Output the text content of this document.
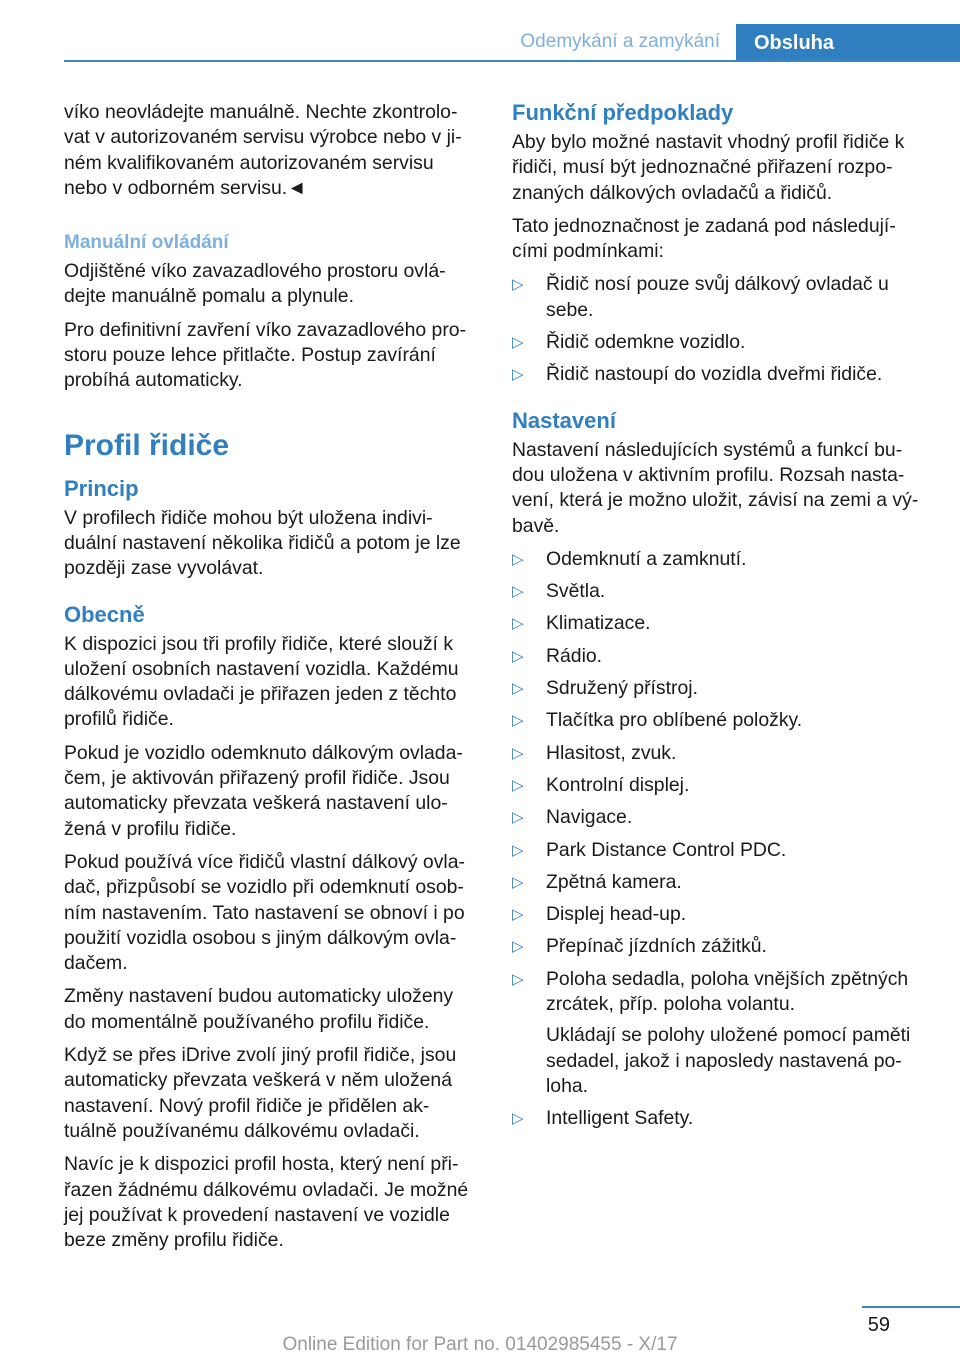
Odemykání a zamykání	Obsluha

víko neovládejte manuálně. Nechte zkontrolo-vat v autorizovaném servisu výrobce nebo v ji-ném kvalifikovaném autorizovaném servisu nebo v odborném servisu.◄

Manuální ovládání

Odjištěné víko zavazadlového prostoru ovlá-dejte manuálně pomalu a plynule.

Pro definitivní zavření víko zavazadlového pro-storu pouze lehce přitlačte. Postup zavírání probíhá automaticky.

Profil řidiče
Princip

V profilech řidiče mohou být uložena indivi-duální nastavení několika řidičů a potom je lze později zase vyvolávat.

Obecně

K dispozici jsou tři profily řidiče, které slouží k uložení osobních nastavení vozidla. Každému dálkovému ovladači je přiřazen jeden z těchto profilů řidiče.

Pokud je vozidlo odemknuto dálkovým ovlada-čem, je aktivován přiřazený profil řidiče. Jsou automaticky převzata veškerá nastavení ulo-žená v profilu řidiče.

Pokud používá více řidičů vlastní dálkový ovla-dač, přizpůsobí se vozidlo při odemknutí osob-ním nastavením. Tato nastavení se obnoví i po použití vozidla osobou s jiným dálkovým ovla-dačem.

Změny nastavení budou automaticky uloženy do momentálně používaného profilu řidiče.

Když se přes iDrive zvolí jiný profil řidiče, jsou automaticky převzata veškerá v něm uložená nastavení. Nový profil řidiče je přidělen ak-tuálně používanému dálkovému ovladači.

Navíc je k dispozici profil hosta, který není při-řazen žádnému dálkovému ovladači. Je možné jej používat k provedení nastavení ve vozidle beze změny profilu řidiče.

Funkční předpoklady

Aby bylo možné nastavit vhodný profil řidiče k řidiči, musí být jednoznačné přiřazení rozpo-znaných dálkových ovladačů a řidičů.

Tato jednoznačnost je zadaná pod následují-cími podmínkami:

▷ Řidič nosí pouze svůj dálkový ovladač u sebe.
▷ Řidič odemkne vozidlo.
▷ Řidič nastoupí do vozidla dveřmi řidiče.
Nastavení

Nastavení následujících systémů a funkcí bu-dou uložena v aktivním profilu. Rozsah nasta-vení, která je možno uložit, závisí na zemi a vý-bavě.

▷ Odemknutí a zamknutí.
▷ Světla.
▷ Klimatizace.
▷ Rádio.
▷ Sdružený přístroj.
▷ Tlačítka pro oblíbené položky.
▷ Hlasitost, zvuk.
▷ Kontrolní displej.
▷ Navigace.
▷ Park Distance Control PDC.
▷ Zpětná kamera.
▷ Displej head-up.
▷ Přepínač jízdních zážitků.
▷ Poloha sedadla, poloha vnějších zpětných zrcátek, příp. poloha volantu.
Ukládají se polohy uložené pomocí paměti sedadel, jakož i naposledy nastavená po-loha.
▷ Intelligent Safety.
59
Online Edition for Part no. 01402985455 - X/17
